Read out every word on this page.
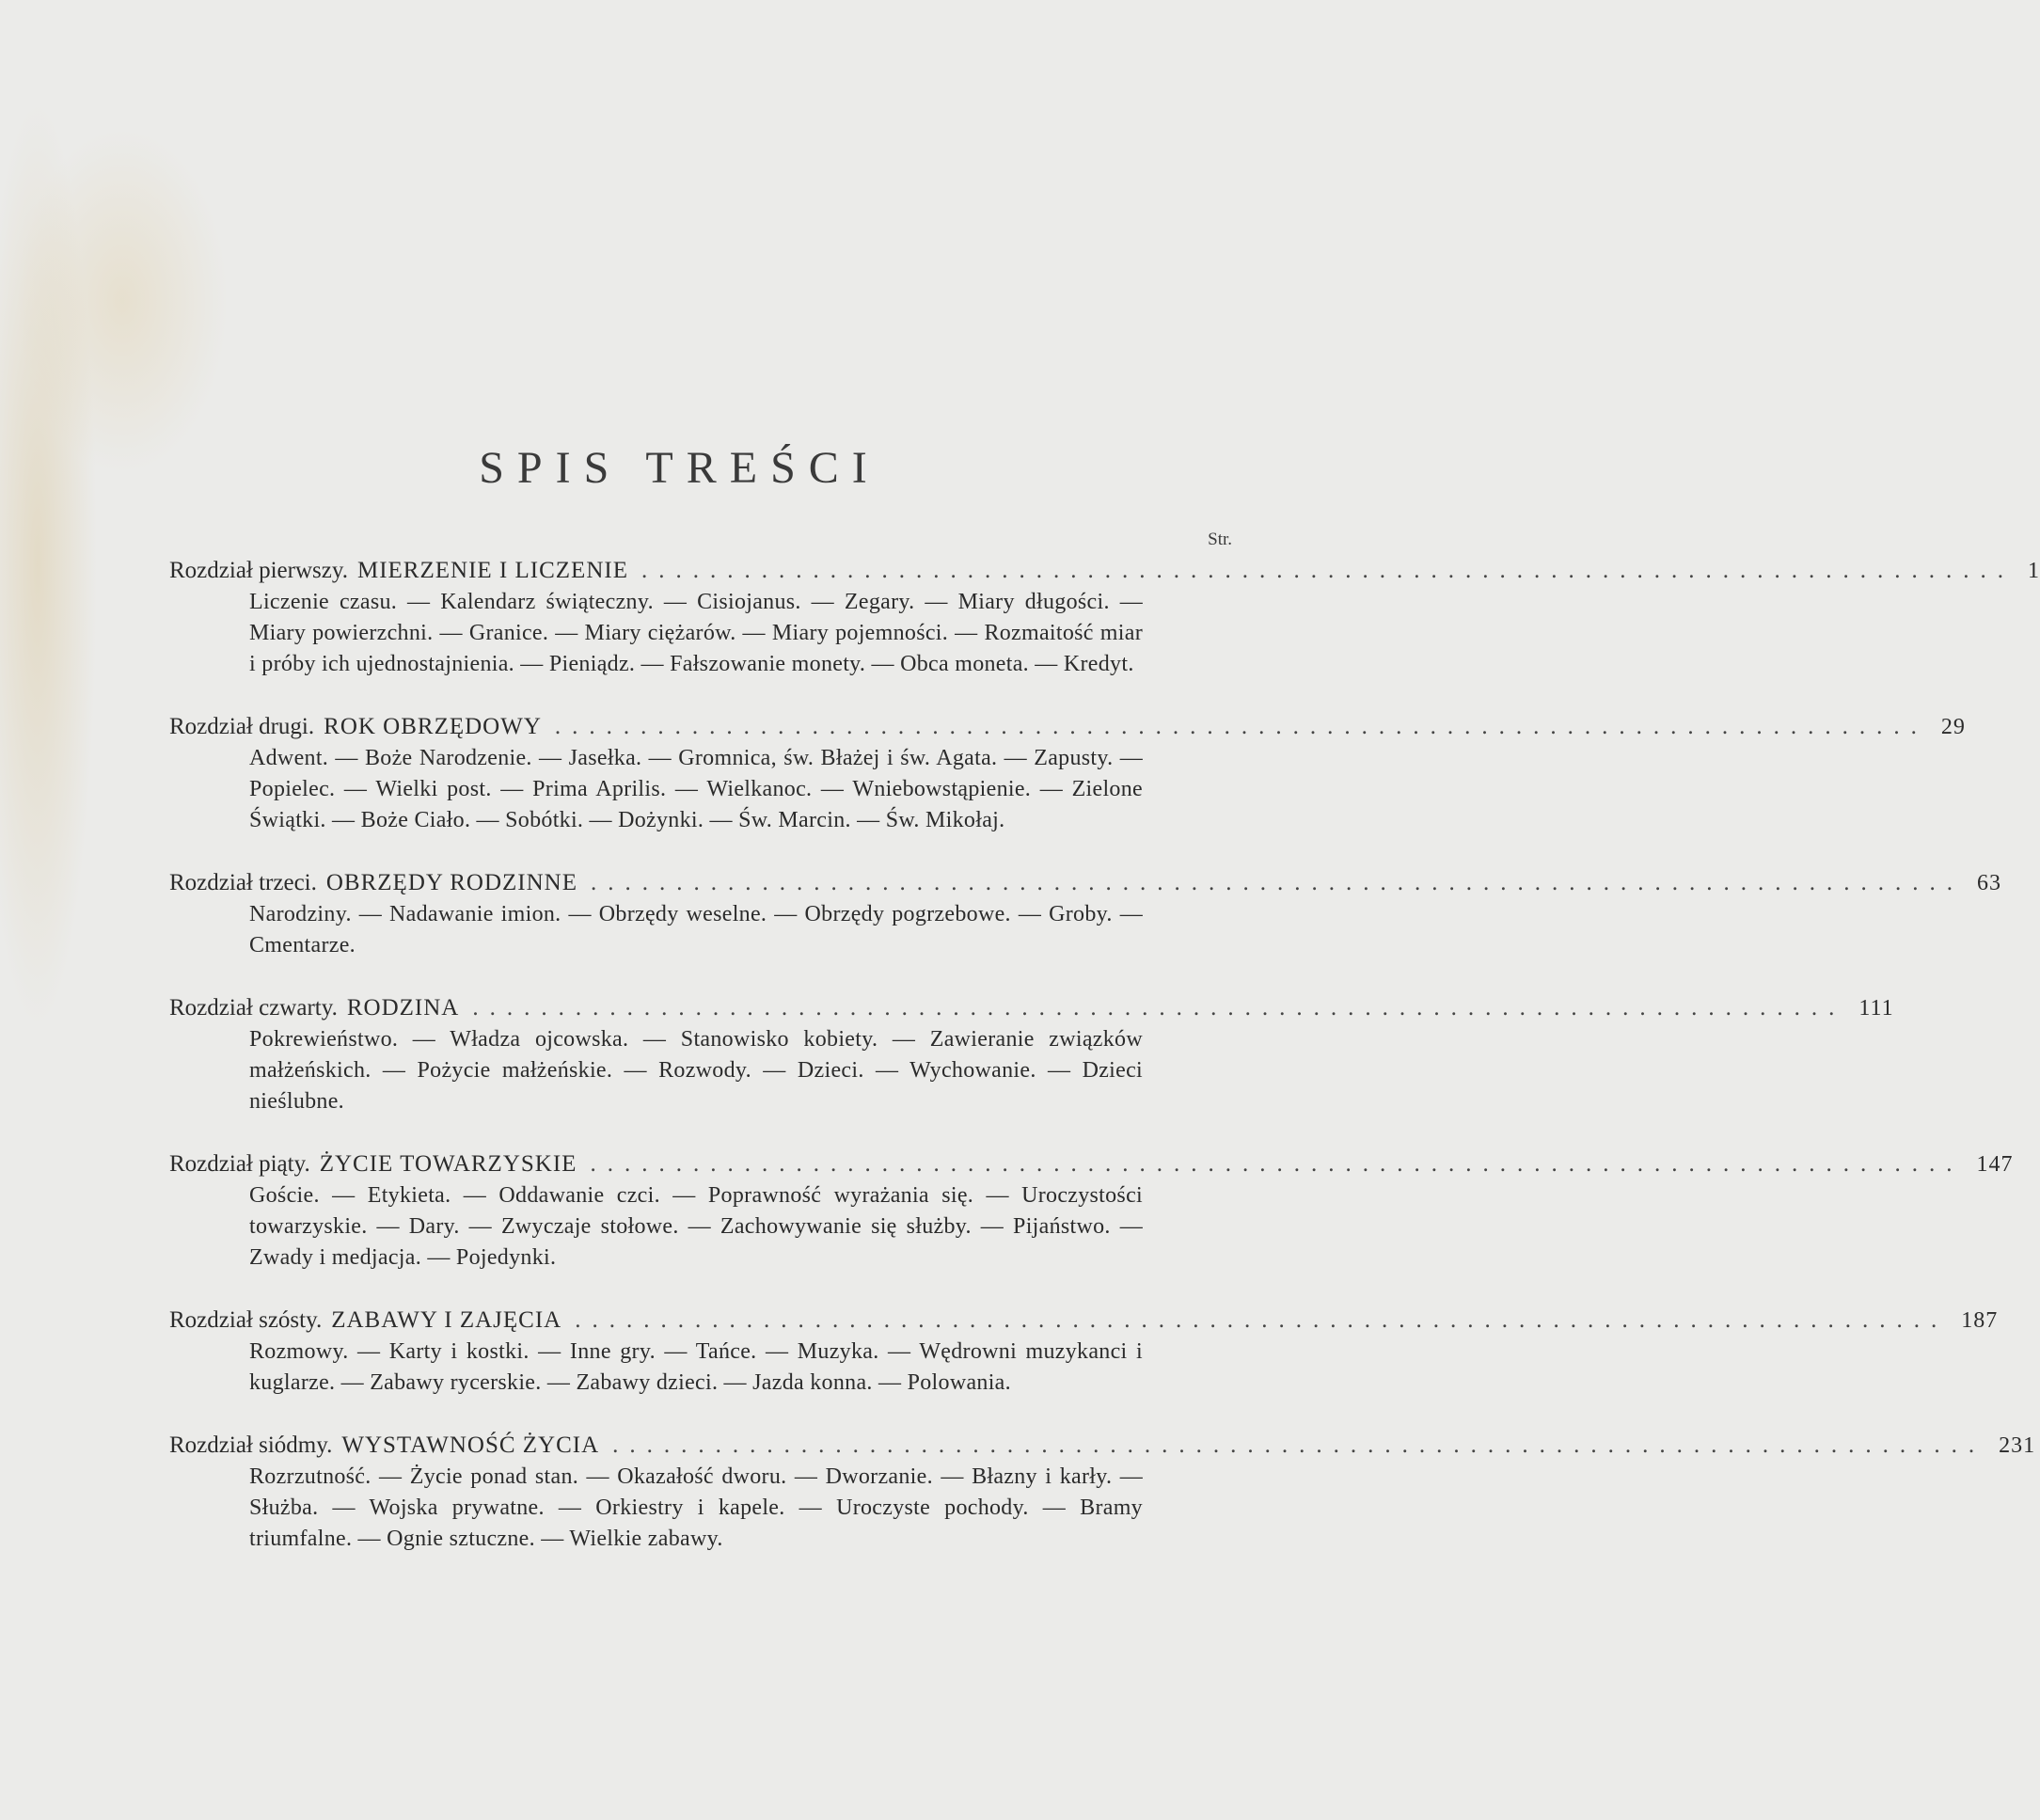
SPIS TREŚCI
Str.
Rozdział pierwszy. MIERZENIE I LICZENIE ................................................................................ 1
Liczenie czasu. — Kalendarz świąteczny. — Cisiojanus. — Zegary. — Miary długości. — Miary powierzchni. — Granice. — Miary ciężarów. — Miary pojemności. — Rozmaitość miar i próby ich ujednostajnienia. — Pieniądz. — Fałszowanie monety. — Obca moneta. — Kredyt.
Rozdział drugi. ROK OBRZĘDOWY ................................................................................ 29
Adwent. — Boże Narodzenie. — Jasełka. — Gromnica, św. Błażej i św. Agata. — Zapusty. — Popielec. — Wielki post. — Prima Aprilis. — Wielkanoc. — Wniebowstąpienie. — Zielone Świątki. — Boże Ciało. — Sobótki. — Dożynki. — Św. Marcin. — Św. Mikołaj.
Rozdział trzeci. OBRZĘDY RODZINNE ................................................................................ 63
Narodziny. — Nadawanie imion. — Obrzędy weselne. — Obrzędy pogrzebowe. — Groby. — Cmentarze.
Rozdział czwarty. RODZINA ................................................................................ 111
Pokrewieństwo. — Władza ojcowska. — Stanowisko kobiety. — Zawieranie związków małżeńskich. — Pożycie małżeńskie. — Rozwody. — Dzieci. — Wychowanie. — Dzieci nieślubne.
Rozdział piąty. ŻYCIE TOWARZYSKIE ................................................................................ 147
Goście. — Etykieta. — Oddawanie czci. — Poprawność wyrażania się. — Uroczystości towarzyskie. — Dary. — Zwyczaje stołowe. — Zachowywanie się służby. — Pijaństwo. — Zwady i medjacja. — Pojedynki.
Rozdział szósty. ZABAWY I ZAJĘCIA ................................................................................ 187
Rozmowy. — Karty i kostki. — Inne gry. — Tańce. — Muzyka. — Wędrowni muzykanci i kuglarze. — Zabawy rycerskie. — Zabawy dzieci. — Jazda konna. — Polowania.
Rozdział siódmy. WYSTAWNOŚĆ ŻYCIA ................................................................................ 231
Rozrzutność. — Życie ponad stan. — Okazałość dworu. — Dworzanie. — Błazny i karły. — Służba. — Wojska prywatne. — Orkiestry i kapele. — Uroczyste pochody. — Bramy triumfalne. — Ognie sztuczne. — Wielkie zabawy.
